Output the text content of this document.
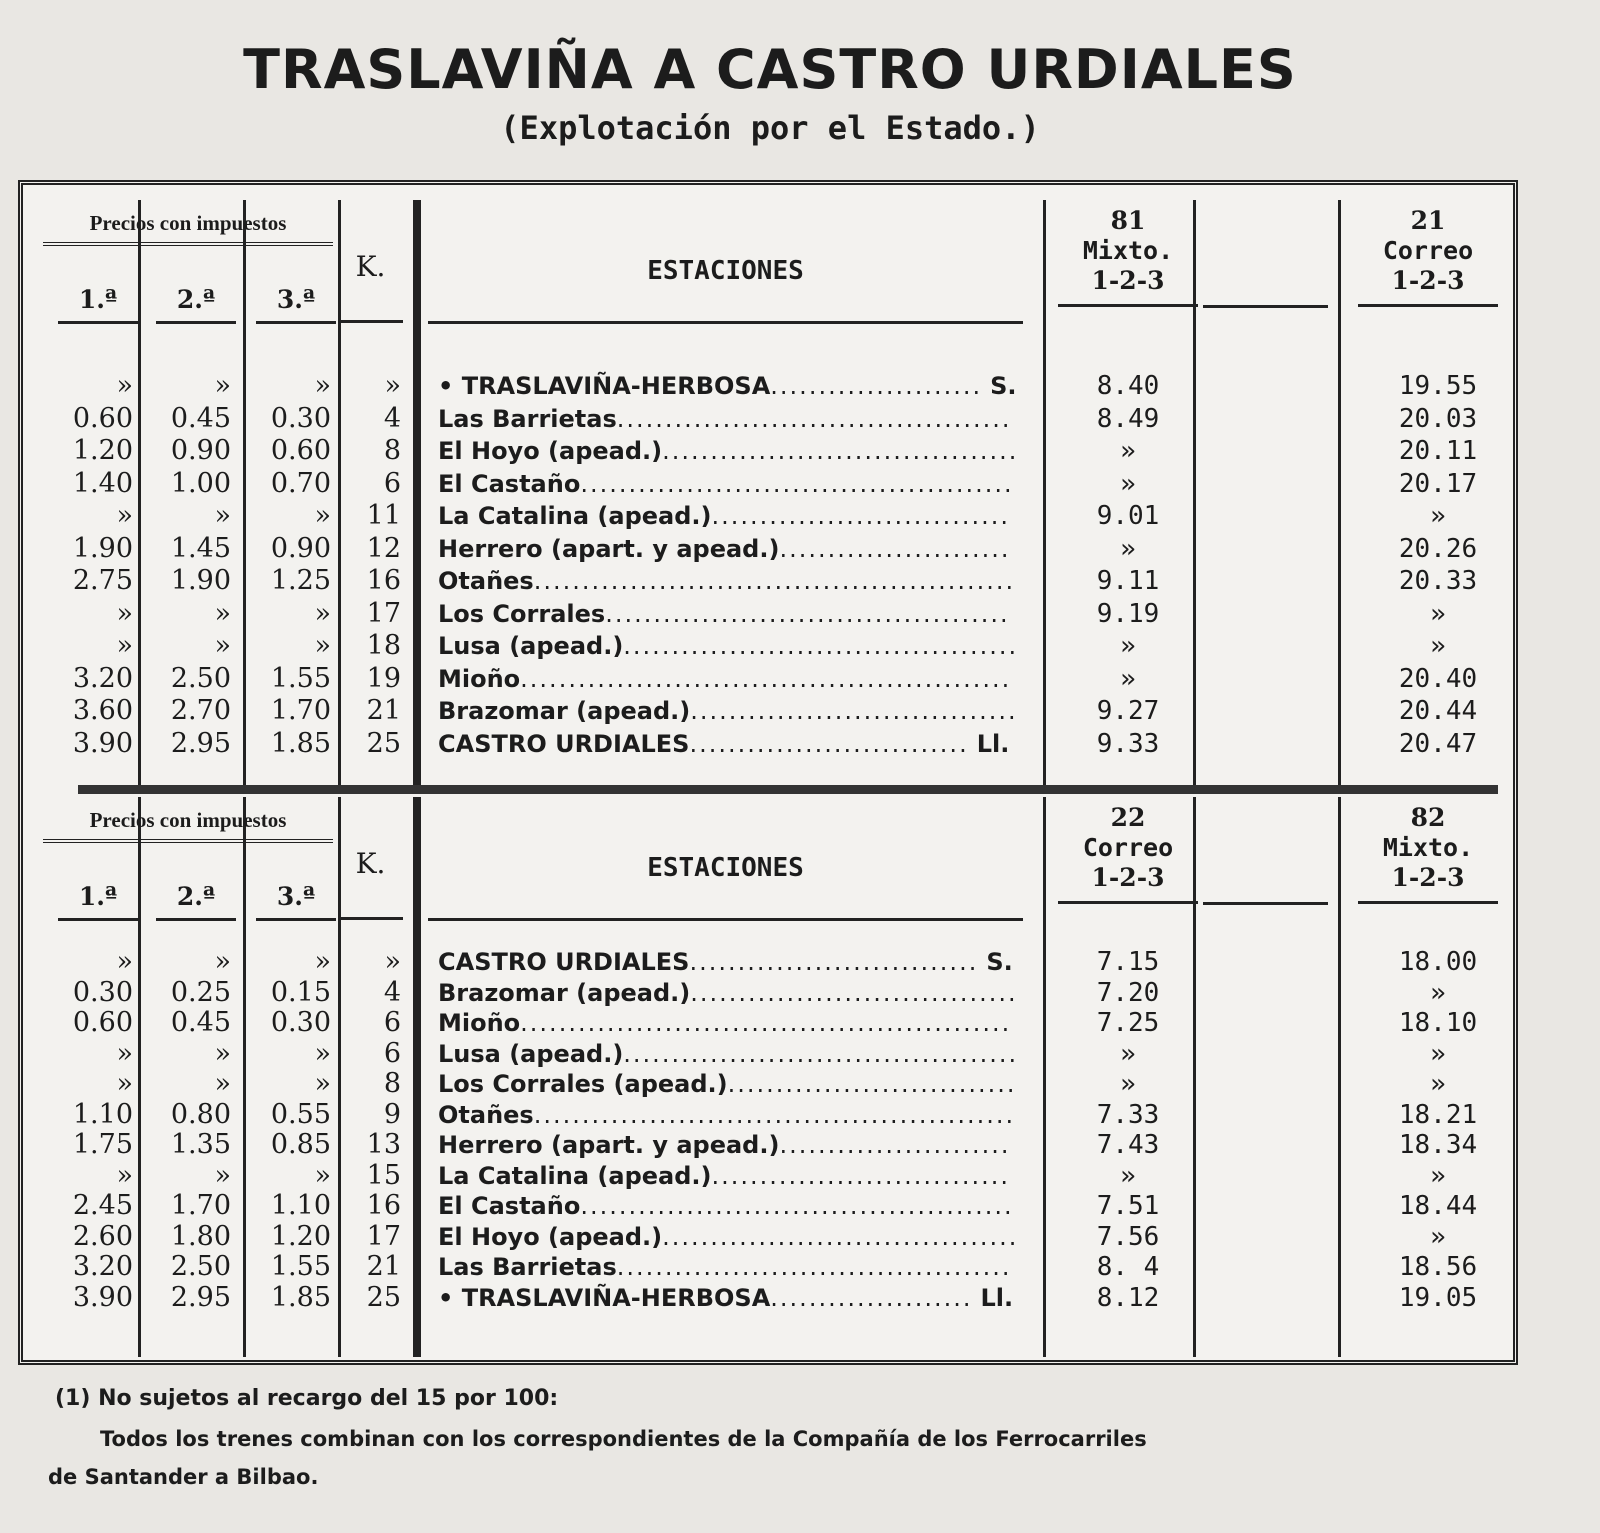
TRASLAVIÑA A CASTRO URDIALES
(Explotación por el Estado.)
Precios con impuestos
1.ª	2.ª	3.ª
K.	ESTACIONES
81
Mixto.
1-2-3
21
Correo
1-2-3
»	»	»	» • TRASLAVIÑA-HERBOSA ...................... S.	8.40	19.55
0.60	0.45	0.30	4 Las Barrietas .........................................	8.49	20.03
1.20	0.90	0.60	8 El Hoyo (apead.) .....................................	»	20.11
1.40	1.00	0.70	6 El Castaño .............................................	»	20.17
»	»	»	11 La Catalina (apead.) ...............................	9.01	»
1.90	1.45	0.90	12 Herrero (apart. y apead.) ........................	»	20.26
2.75	1.90	1.25	16 Otañes ..................................................	9.11	20.33
»	»	»	17 Los Corrales ..........................................	9.19	»
»	»	»	18 Lusa (apead.) .........................................	»	»
3.20	2.50	1.55	19 Mioño ...................................................	»	20.40
3.60	2.70	1.70	21 Brazomar (apead.) ..................................	9.27	20.44
3.90	2.95	1.85	25 CASTRO URDIALES ............................. Ll.	9.33	20.47
Precios con impuestos
1.ª	2.ª	3.ª
K.	ESTACIONES
22
Correo
1-2-3
82
Mixto.
1-2-3
»	»	»	» CASTRO URDIALES .............................. S.	7.15	18.00
0.30	0.25	0.15	4 Brazomar (apead.) ..................................	7.20	»
0.60	0.45	0.30	6 Mioño ...................................................	7.25	18.10
»	»	»	6 Lusa (apead.) .........................................	»	»
»	»	»	8 Los Corrales (apead.) ..............................	»	»
1.10	0.80	0.55	9 Otañes ..................................................	7.33	18.21
1.75	1.35	0.85	13 Herrero (apart. y apead.) ........................	7.43	18.34
»	»	»	15 La Catalina (apead.) ...............................	»	»
2.45	1.70	1.10	16 El Castaño .............................................	7.51	18.44
2.60	1.80	1.20	17 El Hoyo (apead.) .....................................	7.56	»
3.20	2.50	1.55	21 Las Barrietas .........................................	8. 4	18.56
3.90	2.95	1.85	25 • TRASLAVIÑA-HERBOSA ..................... Ll.	8.12	19.05
(1) No sujetos al recargo del 15 por 100:
Todos los trenes combinan con los correspondientes de la Compañía de los Ferrocarriles
de Santander a Bilbao.
